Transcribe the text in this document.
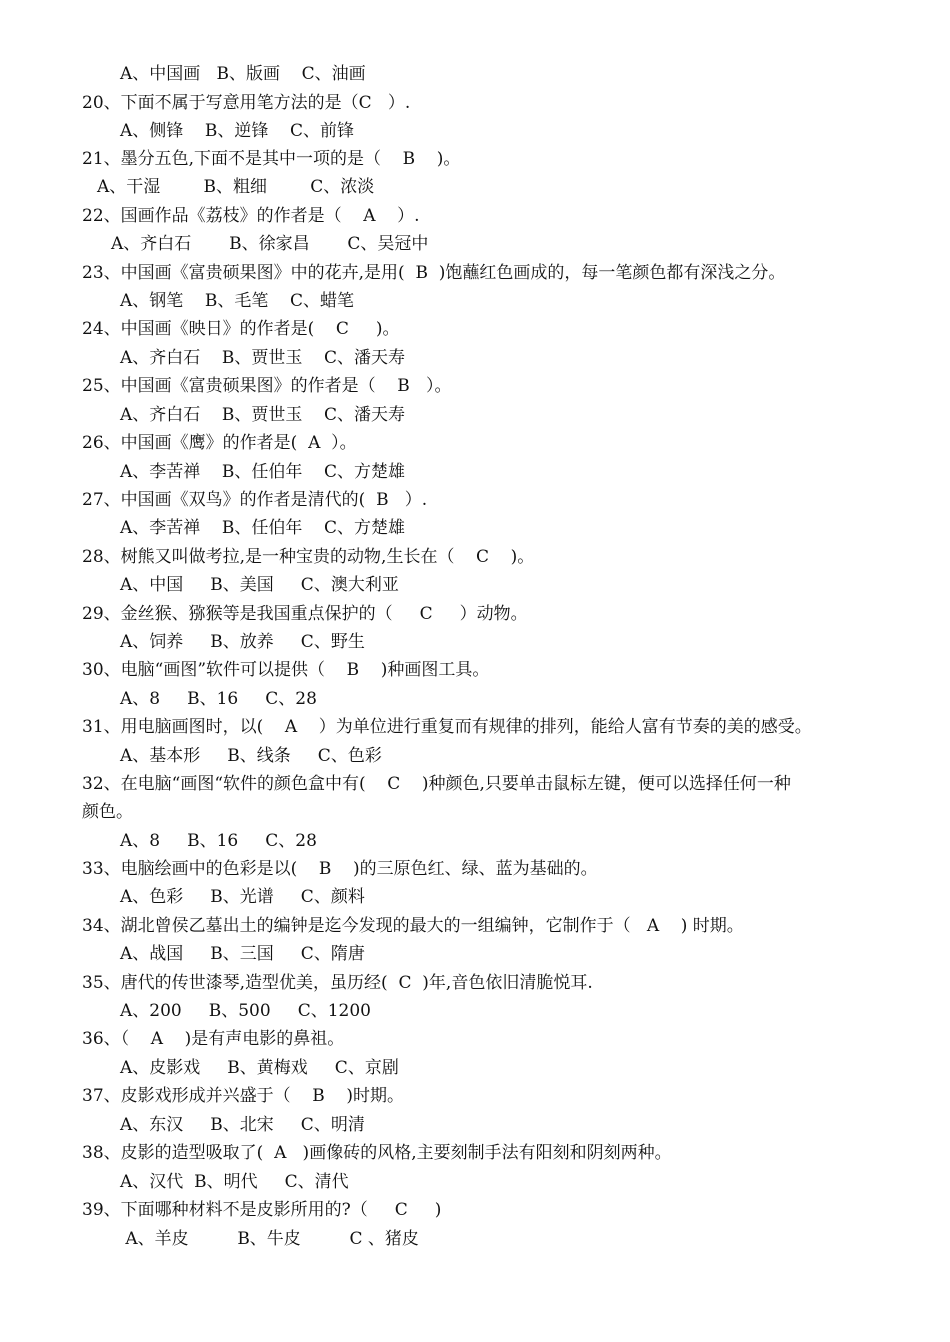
A、中国画   B、版画    C、油画
20、下面不属于写意用笔方法的是（C   ）.
A、侧锋    B、逆锋    C、前锋
21、墨分五色,下面不是其中一项的是（    B    )。
A、干湿        B、粗细        C、浓淡
22、国画作品《荔枝》的作者是（    A    ）.
A、齐白石       B、徐家昌       C、吴冠中
23、中国画《富贵硕果图》中的花卉,是用(  B  )饱蘸红色画成的，每一笔颜色都有深浅之分。
A、钢笔    B、毛笔    C、蜡笔
24、中国画《映日》的作者是(    C     )。
A、齐白石    B、贾世玉    C、潘天寿
25、中国画《富贵硕果图》的作者是（    B   ）。
A、齐白石    B、贾世玉    C、潘天寿
26、中国画《鹰》的作者是(  A  ）。
A、李苦禅    B、任伯年    C、方楚雄
27、中国画《双鸟》的作者是清代的(  B   ）.
A、李苦禅    B、任伯年    C、方楚雄
28、树熊又叫做考拉,是一种宝贵的动物,生长在（    C    )。
A、中国     B、美国     C、澳大利亚
29、金丝猴、猕猴等是我国重点保护的（     C     ）动物。
A、饲养     B、放养     C、野生
30、电脑“画图”软件可以提供（    B    )种画图工具。
A、8     B、16     C、28
31、用电脑画图时，以(    A    ）为单位进行重复而有规律的排列，能给人富有节奏的美的感受。
A、基本形     B、线条     C、色彩
32、在电脑“画图“软件的颜色盒中有(    C    )种颜色,只要单击鼠标左键，便可以选择任何一种
颜色。
A、8     B、16     C、28
33、电脑绘画中的色彩是以(    B    )的三原色红、绿、蓝为基础的。
A、色彩     B、光谱     C、颜料
34、湖北曾侯乙墓出土的编钟是迄今发现的最大的一组编钟，它制作于（   A    ) 时期。
A、战国     B、三国     C、隋唐
35、唐代的传世漆琴,造型优美，虽历经(  C  )年,音色依旧清脆悦耳.
A、200     B、500     C、1200
36、（    A    )是有声电影的鼻祖。
A、皮影戏     B、黄梅戏     C、京剧
37、皮影戏形成并兴盛于（    B    )时期。
A、东汉     B、北宋     C、明清
38、皮影的造型吸取了(  A   )画像砖的风格,主要刻制手法有阳刻和阴刻两种。
A、汉代  B、明代     C、清代
39、下面哪种材料不是皮影所用的?（     C     )
A、羊皮         B、牛皮         C 、猪皮
